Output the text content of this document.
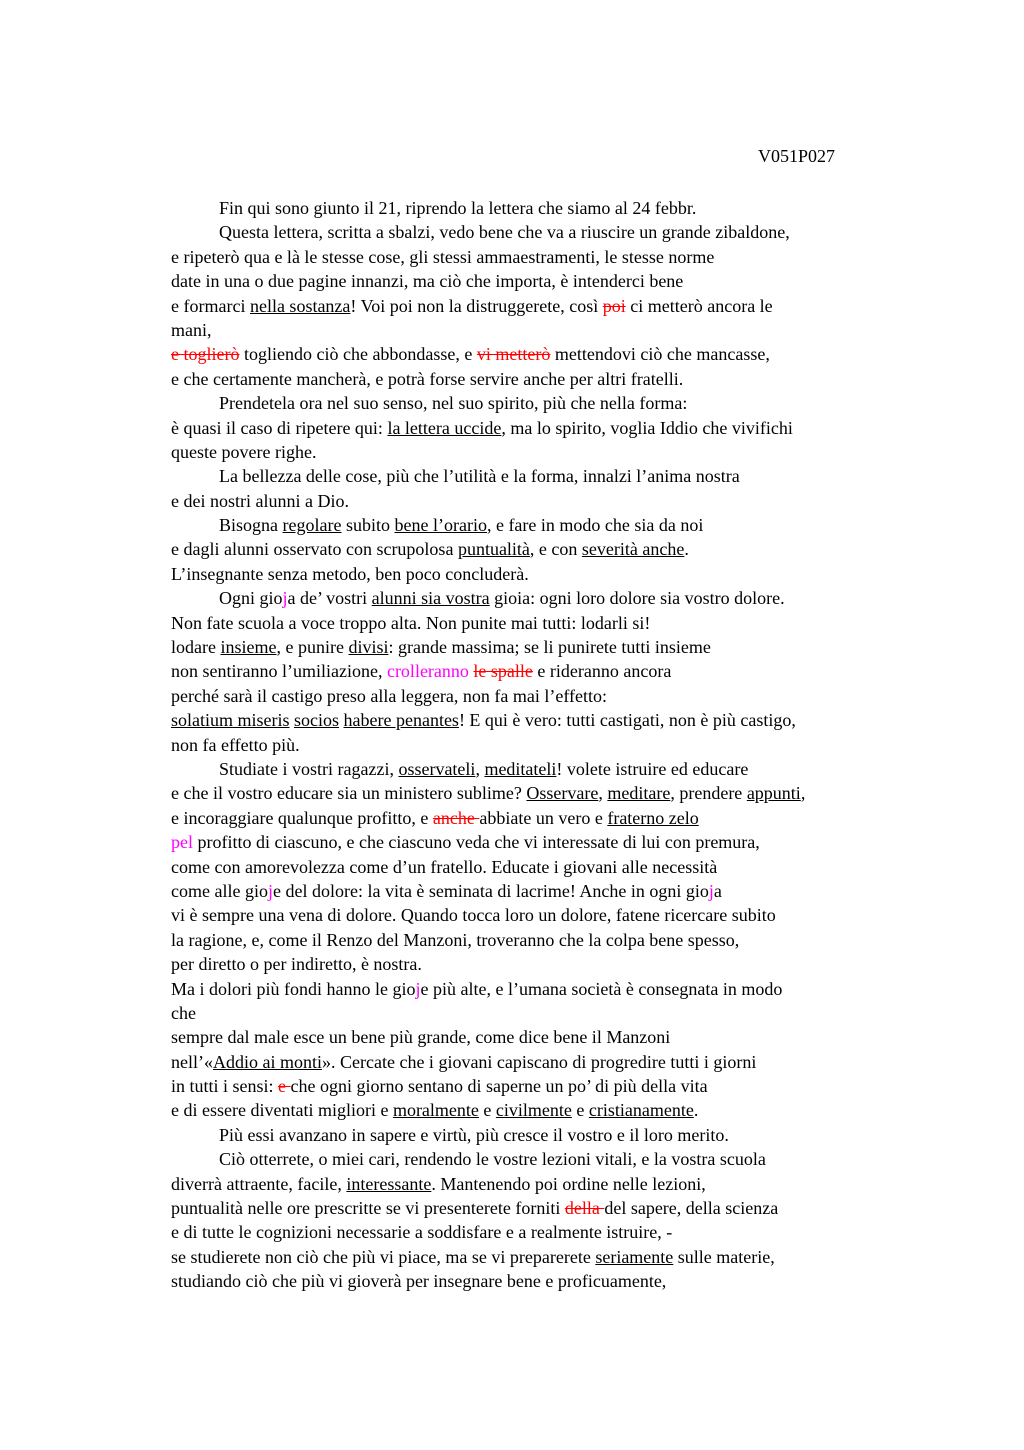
V051P027
Fin qui sono giunto il 21, riprendo la lettera che siamo al 24 febbr.
Questa lettera, scritta a sbalzi, vedo bene che va a riuscire un grande zibaldone,
e ripeterò qua e là le stesse cose, gli stessi ammaestramenti, le stesse norme
date in una o due pagine innanzi, ma ciò che importa, è intenderci bene
e formarci nella sostanza! Voi poi non la distruggerete, così poi ci metterò ancora le
mani,
e toglierò togliendo ciò che abbondasse, e vi metterò mettendovi ciò che mancasse,
e che certamente mancherà, e potrà forse servire anche per altri fratelli.
Prendetela ora nel suo senso, nel suo spirito, più che nella forma:
è quasi il caso di ripetere qui: la lettera uccide, ma lo spirito, voglia Iddio che vivifichi
queste povere righe.
La bellezza delle cose, più che l’utilità e la forma, innalzi l’anima nostra
e dei nostri alunni a Dio.
Bisogna regolare subito bene l’orario, e fare in modo che sia da noi
e dagli alunni osservato con scrupolosa puntualità, e con severità anche.
L’insegnante senza metodo, ben poco concluderà.
Ogni gioja de’ vostri alunni sia vostra gioia: ogni loro dolore sia vostro dolore.
Non fate scuola a voce troppo alta. Non punite mai tutti: lodarli si!
lodare insieme, e punire divisi: grande massima; se li punirete tutti insieme
non sentiranno l’umiliazione, crolleranno le spalle e rideranno ancora
perché sarà il castigo preso alla leggera, non fa mai l’effetto:
solatium miseris socios habere penantes! E qui è vero: tutti castigati, non è più castigo,
non fa effetto più.
Studiate i vostri ragazzi, osservateli, meditateli! volete istruire ed educare
e che il vostro educare sia un ministero sublime? Osservare, meditare, prendere appunti,
e incoraggiare qualunque profitto, e anche abbiate un vero e fraterno zelo
pel profitto di ciascuno, e che ciascuno veda che vi interessate di lui con premura,
come con amorevolezza come d’un fratello. Educate i giovani alle necessità
come alle gioje del dolore: la vita è seminata di lacrime! Anche in ogni gioja
vi è sempre una vena di dolore. Quando tocca loro un dolore, fatene ricercare subito
la ragione, e, come il Renzo del Manzoni, troveranno che la colpa bene spesso,
per diretto o per indiretto, è nostra.
Ma i dolori più fondi hanno le gioje più alte, e l’umana società è consegnata in modo
che
sempre dal male esce un bene più grande, come dice bene il Manzoni
nell’«Addio ai monti». Cercate che i giovani capiscano di progredire tutti i giorni
in tutti i sensi: e che ogni giorno sentano di saperne un po’ di più della vita
e di essere diventati migliori e moralmente e civilmente e cristianamente.
Più essi avanzano in sapere e virtù, più cresce il vostro e il loro merito.
Ciò otterrete, o miei cari, rendendo le vostre lezioni vitali, e la vostra scuola
diverrà attraente, facile, interessante. Mantenendo poi ordine nelle lezioni,
puntualità nelle ore prescritte se vi presenterete forniti della del sapere, della scienza
e di tutte le cognizioni necessarie a soddisfare e a realmente istruire, -
se studierete non ciò che più vi piace, ma se vi preparerete seriamente sulle materie,
studiando ciò che più vi gioverà per insegnare bene e proficuamente,
